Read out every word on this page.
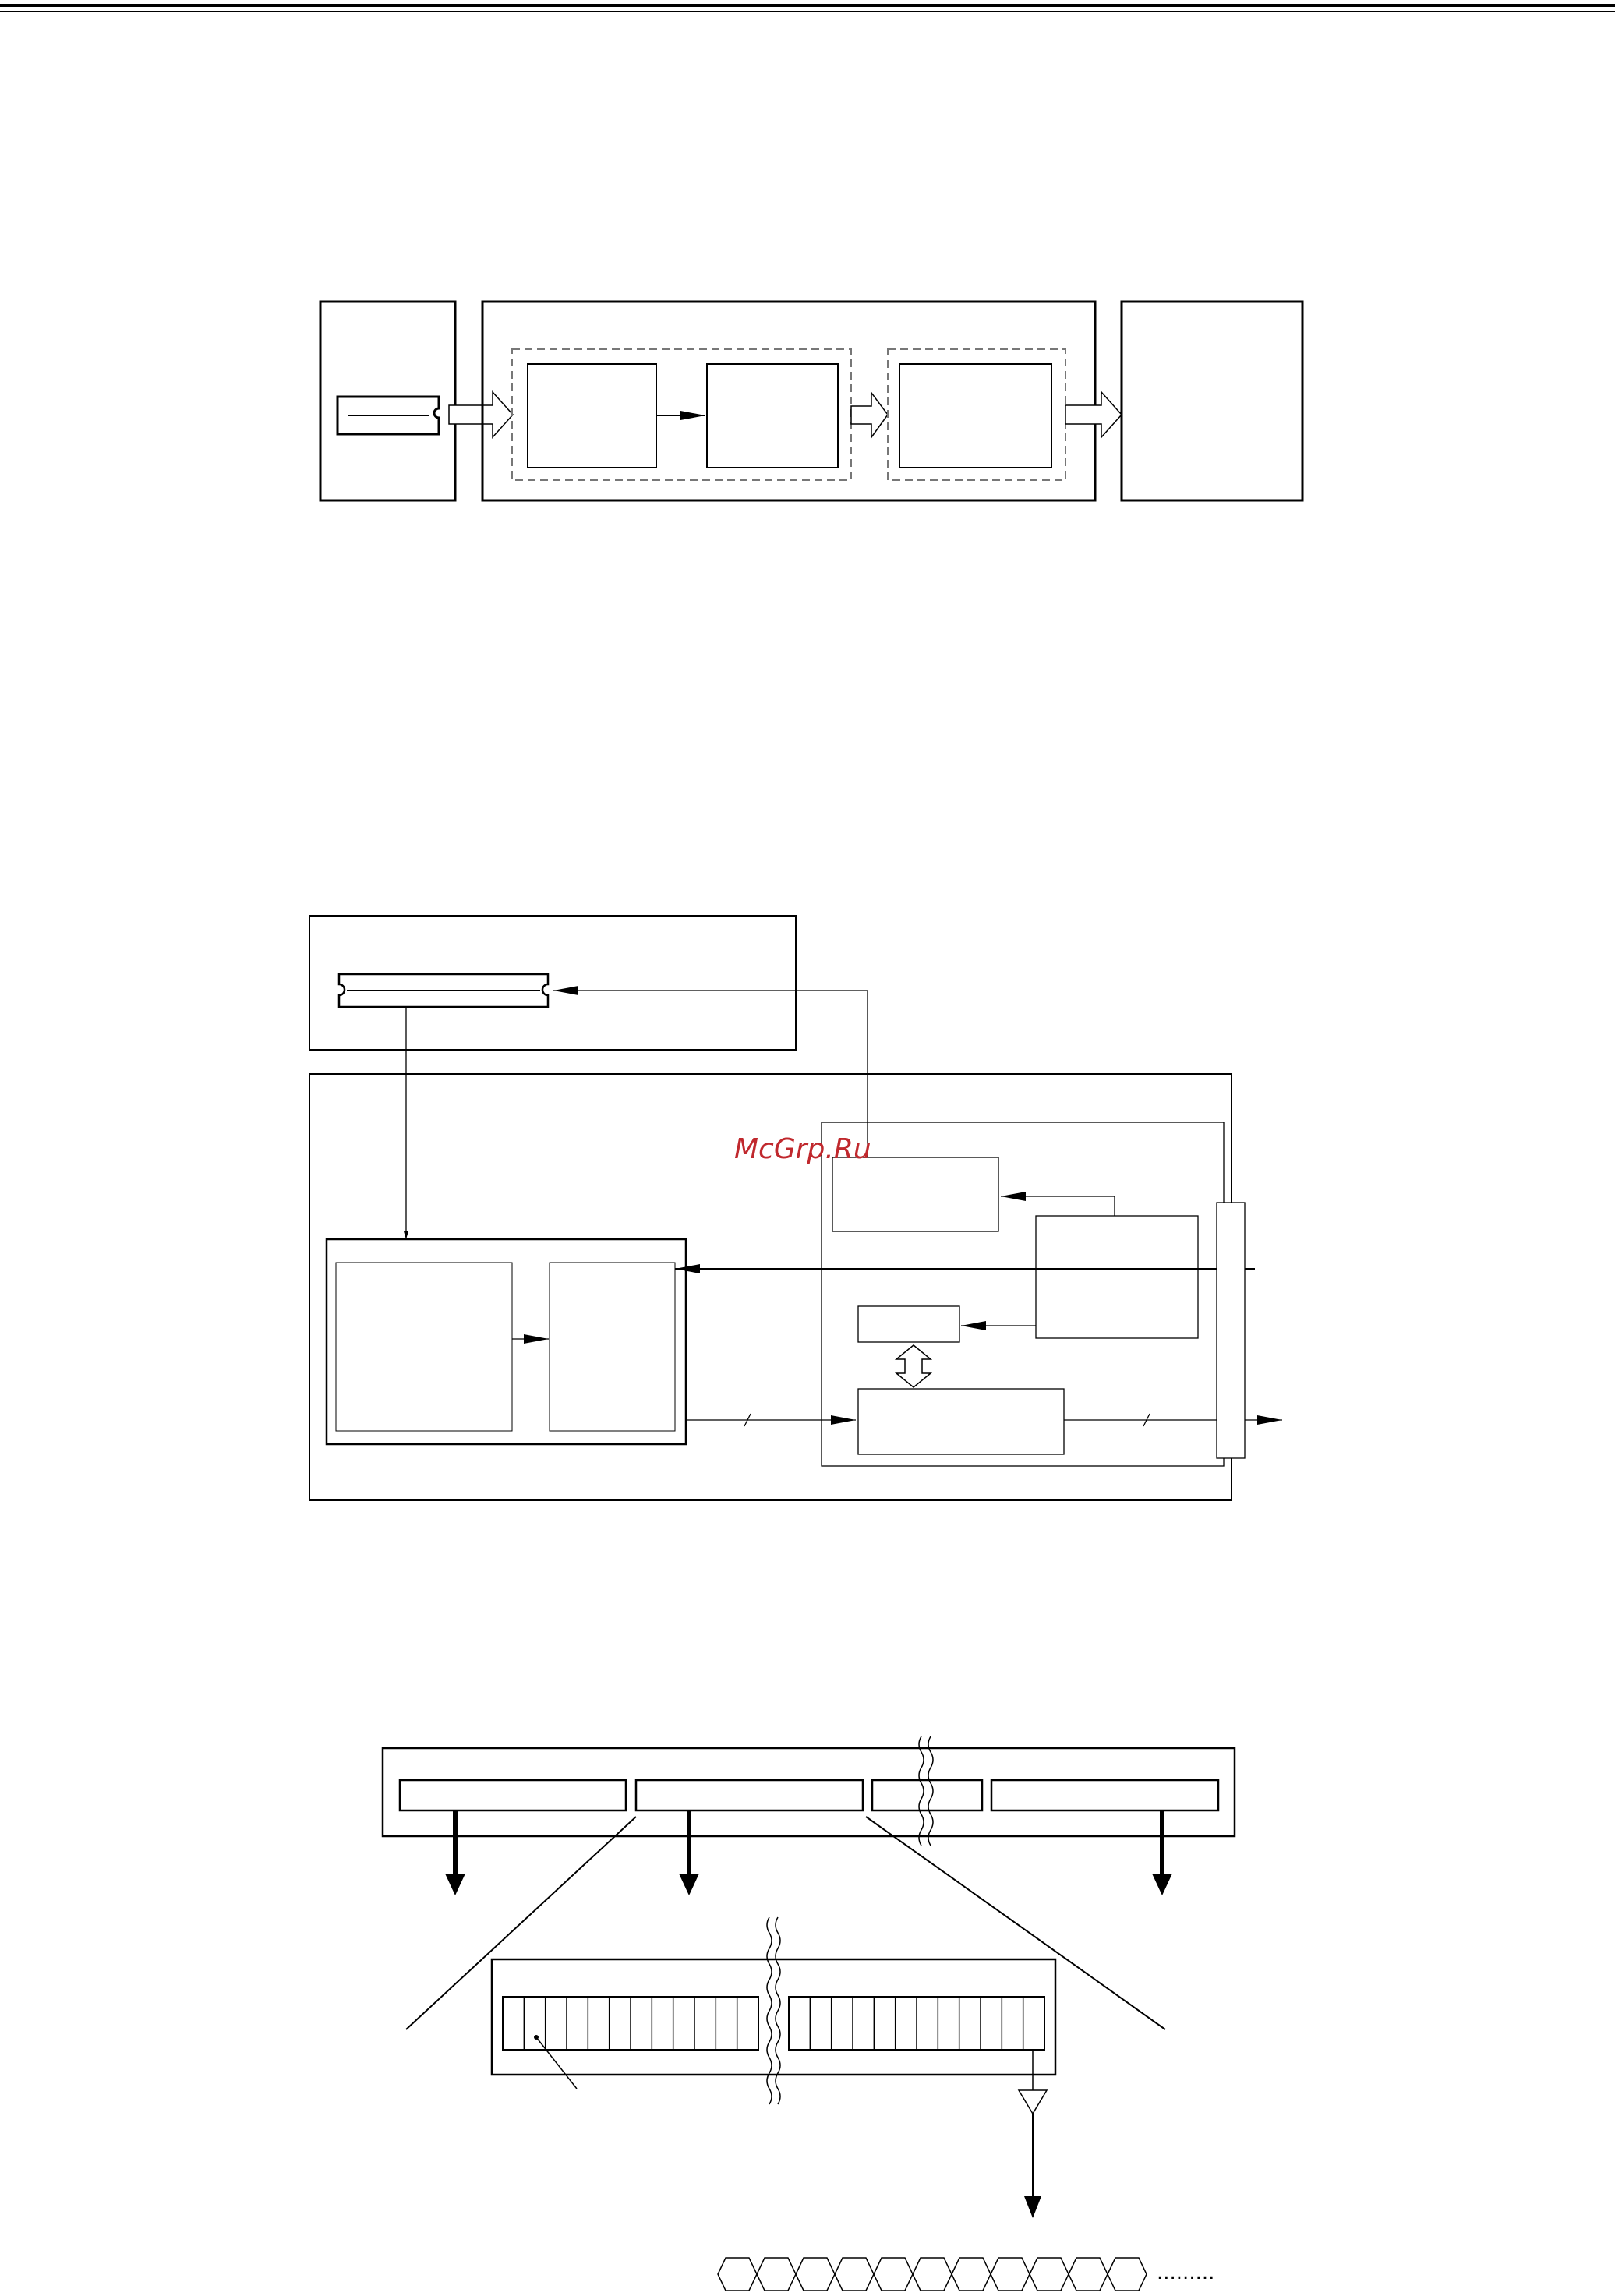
McGrp.Ru
.........
